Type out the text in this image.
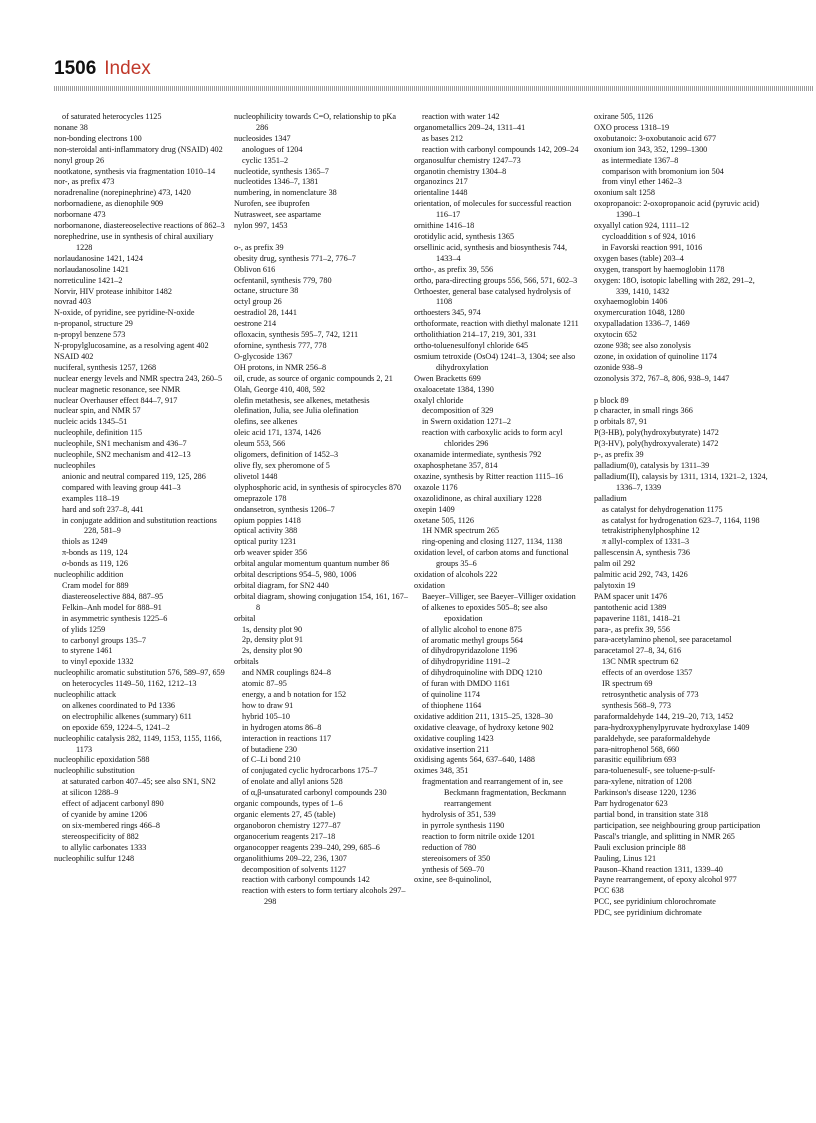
1506 Index
of saturated heterocycles 1125
nonane 38
non-bonding electrons 100
non-steroidal anti-inflammatory drug (NSAID) 402
nonyl group 26
nootkatone, synthesis via fragmentation 1010–14
nor-, as prefix 473
noradrenaline (norepinephrine) 473, 1420
norbornadiene, as dienophile 909
norbornane 473
norbornanone, diastereoselective reactions of 862–3
norephedrine, use in synthesis of chiral auxiliary 1228
norlaudanosine 1421, 1424
norlaudanosoline 1421
norreticuline 1421–2
Norvir, HIV protease inhibitor 1482
novrad 403
N-oxide, of pyridine, see pyridine-N-oxide
n-propanol, structure 29
n-propyl benzene 573
N-propylglucosamine, as a resolving agent 402
NSAID 402
nuciferal, synthesis 1257, 1268
nuclear energy levels and NMR spectra 243, 260–5
nuclear magnetic resonance, see NMR
nuclear Overhauser effect 844–7, 917
nuclear spin, and NMR 57
nucleic acids 1345–51
nucleophile, definition 115
nucleophile, SN1 mechanism and 436–7
nucleophile, SN2 mechanism and 412–13
nucleophiles
anionic and neutral compared 119, 125, 286
compared with leaving group 441–3
examples 118–19
hard and soft 237–8, 441
in conjugate addition and substitution reactions 228, 581–9
thiols as 1249
π-bonds as 119, 124
σ-bonds as 119, 126
nucleophilic addition
Cram model for 889
diastereoselective 884, 887–95
Felkin–Anh model for 888–91
in asymmetric synthesis 1225–6
of ylids 1259
to carbonyl groups 135–7
to styrene 1461
to vinyl epoxide 1332
nucleophilic aromatic substitution 576, 589–97, 659
on heterocycles 1149–50, 1162, 1212–13
nucleophilic attack
on alkenes coordinated to Pd 1336
on electrophilic alkenes (summary) 611
on epoxide 659, 1224–5, 1241–2
nucleophilic catalysis 282, 1149, 1153, 1155, 1166, 1173
nucleophilic epoxidation 588
nucleophilic substitution
at saturated carbon 407–45; see also SN1, SN2
at silicon 1288–9
effect of adjacent carbonyl 890
of cyanide by amine 1206
on six-membered rings 466–8
stereospecificity of 882
to allylic carbonates 1333
nucleophilic sulfur 1248
nucleophilicity towards C=O, relationship to pKa 286
nucleosides 1347
anologues of 1204
cyclic 1351–2
nucleotide, synthesis 1365–7
nucleotides 1346–7, 1381
numbering, in nomenclature 38
Nurofen, see ibuprofen
Nutrasweet, see aspartame
nylon 997, 1453
o-, as prefix 39
obesity drug, synthesis 771–2, 776–7
Oblivon 616
ocfentanil, synthesis 779, 780
octane, structure 38
octyl group 26
oestradiol 28, 1441
oestrone 214
ofloxacin, synthesis 595–7, 742, 1211
ofornine, synthesis 777, 778
O-glycoside 1367
OH protons, in NMR 256–8
oil, crude, as source of organic compounds 2, 21
Olah, George 410, 408, 592
olefin metathesis, see alkenes, metathesis
olefination, Julia, see Julia olefination
olefins, see alkenes
oleic acid 171, 1374, 1426
oleum 553, 566
oligomers, definition of 1452–3
olive fly, sex pheromone of 5
olivetol 1448
olyphosphoric acid, in synthesis of spirocycles 870
omeprazole 178
ondansetron, synthesis 1206–7
opium poppies 1418
optical activity 388
optical purity 1231
orb weaver spider 356
orbital angular momentum quantum number 86
orbital descriptions 954–5, 980, 1006
orbital diagram, for SN2 440
orbital diagram, showing conjugation 154, 161, 167–8
orbital
1s, density plot 90
2p, density plot 91
2s, density plot 90
orbitals
and NMR couplings 824–8
atomic 87–95
energy, a and b notation for 152
how to draw 91
hybrid 105–10
in hydrogen atoms 86–8
interaction in reactions 117
of butadiene 230
of C–Li bond 210
of conjugated cyclic hydrocarbons 175–7
of enolate and allyl anions 528
of α,β-unsaturated carbonyl compounds 230
organic compounds, types of 1–6
organic elements 27, 45 (table)
organoboron chemistry 1277–87
organocerium reagents 217–18
organocopper reagents 239–240, 299, 685–6
organolithiums 209–22, 236, 1307
decomposition of solvents 1127
reaction with carbonyl compounds 142
reaction with esters to form tertiary alcohols 297–298
reaction with water 142
organometallics 209–24, 1311–41
as bases 212
reaction with carbonyl compounds 142, 209–24
organosulfur chemistry 1247–73
organotin chemistry 1304–8
organozincs 217
orientaline 1448
orientation, of molecules for successful reaction 116–17
ornithine 1416–18
orotidylic acid, synthesis 1365
orsellinic acid, synthesis and biosynthesis 744, 1433–4
ortho-, as prefix 39, 556
ortho, para-directing groups 556, 566, 571, 602–3
Orthoester, general base catalysed hydrolysis of 1108
orthoesters 345, 974
orthoformate, reaction with diethyl malonate 1211
ortholithiation 214–17, 219, 301, 331
ortho-toluenesulfonyl chloride 645
osmium tetroxide (OsO4) 1241–3, 1304; see also dihydroxylation
Owen Bracketts 699
oxaloacetate 1384, 1390
oxalyl chloride
decomposition of 329
in Swern oxidation 1271–2
reaction with carboxylic acids to form acyl chlorides 296
oxanamide intermediate, synthesis 792
oxaphosphetane 357, 814
oxazine, synthesis by Ritter reaction 1115–16
oxazole 1176
oxazolidinone, as chiral auxiliary 1228
oxepin 1409
oxetane 505, 1126
1H NMR spectrum 265
ring-opening and closing 1127, 1134, 1138
oxidation level, of carbon atoms and functional groups 35–6
oxidation of alcohols 222
oxidation
Baeyer–Villiger, see Baeyer–Villiger oxidation
of alkenes to epoxides 505–8; see also epoxidation
of allylic alcohol to enone 875
of aromatic methyl groups 564
of dihydropyridazolone 1196
of dihydropyridine 1191–2
of dihydroquinoline with DDQ 1210
of furan with DMDO 1161
of quinoline 1174
of thiophene 1164
oxidative addition 211, 1315–25, 1328–30
oxidative cleavage, of hydroxy ketone 902
oxidative coupling 1423
oxidative insertion 211
oxidising agents 564, 637–640, 1488
oximes 348, 351
fragmentation and rearrangement of in, see Beckmann fragmentation, Beckmann rearrangement
hydrolysis of 351, 539
in pyrrole synthesis 1190
reaction to form nitrile oxide 1201
reduction of 780
stereoisomers of 350
ynthesis of 569–70
oxine, see 8-quinolinol,
oxirane 505, 1126
OXO process 1318–19
oxobutanoic: 3-oxobutanoic acid 677
oxonium ion 343, 352, 1299–1300
as intermediate 1367–8
comparison with bromonium ion 504
from vinyl ether 1462–3
oxonium salt 1258
oxopropanoic: 2-oxopropanoic acid (pyruvic acid) 1390–1
oxyallyl cation 924, 1111–12
cycloaddition s of 924, 1016
in Favorski reaction 991, 1016
oxygen bases (table) 203–4
oxygen, transport by haemoglobin 1178
oxygen: 18O, isotopic labelling with 282, 291–2, 339, 1410, 1432
oxyhaemoglobin 1406
oxymercuration 1048, 1280
oxypalladation 1336–7, 1469
oxytocin 652
ozone 938; see also zonolysis
ozone, in oxidation of quinoline 1174
ozonide 938–9
ozonolysis 372, 767–8, 806, 938–9, 1447
p block 89
p character, in small rings 366
p orbitals 87, 91
P(3-HB), poly(hydroxybutyrate) 1472
P(3-HV), poly(hydroxyvalerate) 1472
p-, as prefix 39
palladium(0), catalysis by 1311–39
palladium(II), calaysis by 1311, 1314, 1321–2, 1324, 1336–7, 1339
palladium
as catalyst for dehydrogenation 1175
as catalyst for hydrogenation 623–7, 1164, 1198
tetrakistriphenylphosphine 12
π allyl-complex of 1331–3
pallescensin A, synthesis 736
palm oil 292
palmitic acid 292, 743, 1426
palytoxin 19
PAM spacer unit 1476
pantothenic acid 1389
papaverine 1181, 1418–21
para-, as prefix 39, 556
para-acetylamino phenol, see paracetamol
paracetamol 27–8, 34, 616
13C NMR spectrum 62
effects of an overdose 1357
IR spectrum 69
retrosynthetic analysis of 773
synthesis 568–9, 773
paraformaldehyde 144, 219–20, 713, 1452
para-hydroxyphenylpyruvate hydroxylase 1409
paraldehyde, see paraformaldehyde
para-nitrophenol 568, 660
parasitic equilibrium 693
para-toluenesulf-, see toluene-p-sulf-
para-xylene, nitration of 1208
Parkinson's disease 1220, 1236
Parr hydrogenator 623
partial bond, in transition state 318
participation, see neighbouring group participation
Pascal's triangle, and splitting in NMR 265
Pauli exclusion principle 88
Pauling, Linus 121
Pauson–Khand reaction 1311, 1339–40
Payne rearrangement, of epoxy alcohol 977
PCC 638
PCC, see pyridinium chlorochromate
PDC, see pyridinium dichromate
